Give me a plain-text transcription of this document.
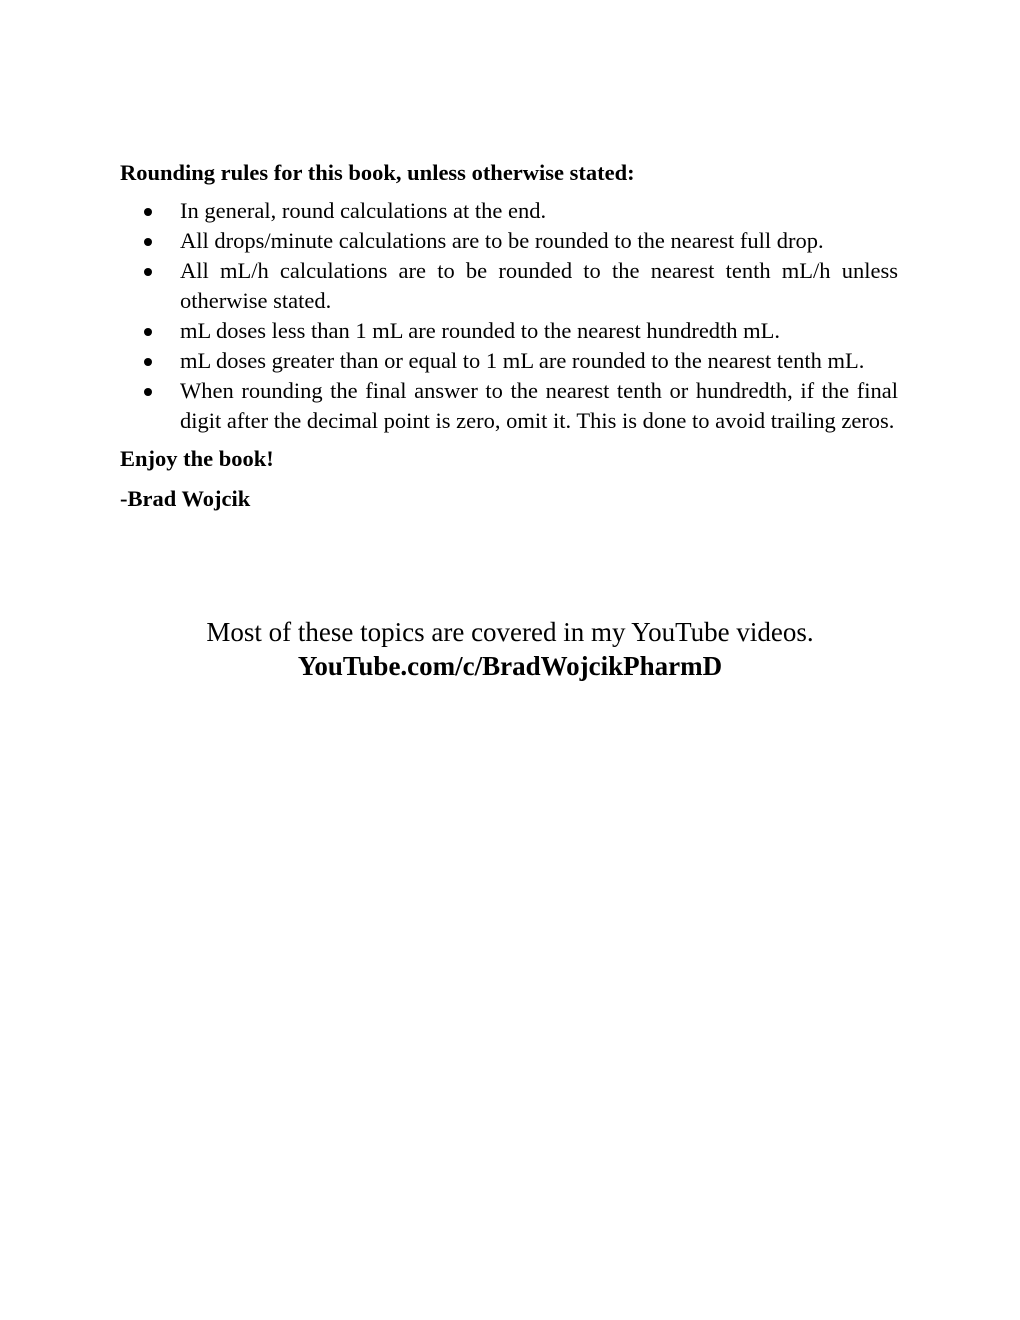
Rounding rules for this book, unless otherwise stated:
In general, round calculations at the end.
All drops/minute calculations are to be rounded to the nearest full drop.
All mL/h calculations are to be rounded to the nearest tenth mL/h unless otherwise stated.
mL doses less than 1 mL are rounded to the nearest hundredth mL.
mL doses greater than or equal to 1 mL are rounded to the nearest tenth mL.
When rounding the final answer to the nearest tenth or hundredth, if the final digit after the decimal point is zero, omit it. This is done to avoid trailing zeros.
Enjoy the book!
-Brad Wojcik
Most of these topics are covered in my YouTube videos.
YouTube.com/c/BradWojcikPharmD
